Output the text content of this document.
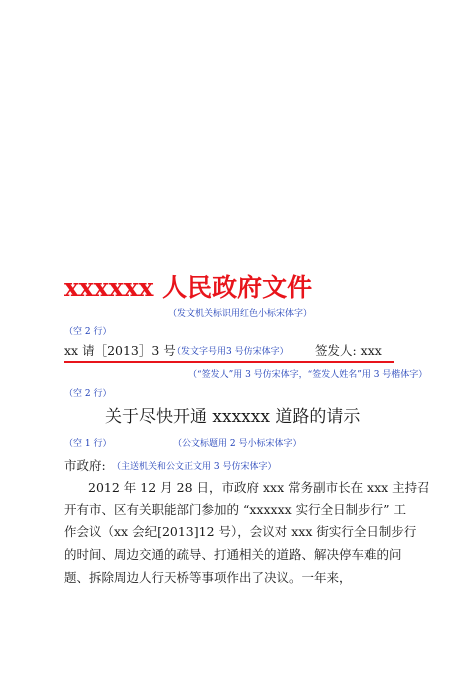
xxxxxx 人民政府文件
（发文机关标识用红色小标宋体字）
（空 2 行）
xx 请［2013］3 号
（发文字号用3 号仿宋体字） 签发人: xxx
（“签发人”用 3 号仿宋体字，“签发人姓名”用 3 号楷体字）
（空 2 行）
关于尽快开通 xxxxxx 道路的请示
（空 1 行）	（公文标题用 2 号小标宋体字）
市政府: （主送机关和公文正文用 3 号仿宋体字）
2012 年 12 月 28 日，市政府 xxx 常务副市长在 xxx 主持召
开有市、区有关职能部门参加的 “xxxxxx 实行全日制步行” 工
作会议（xx 会纪[2013]12 号），会议对 xxx 街实行全日制步行
的时间、周边交通的疏导、打通相关的道路、解决停车难的问
题、拆除周边人行天桥等事项作出了决议。一年来，
